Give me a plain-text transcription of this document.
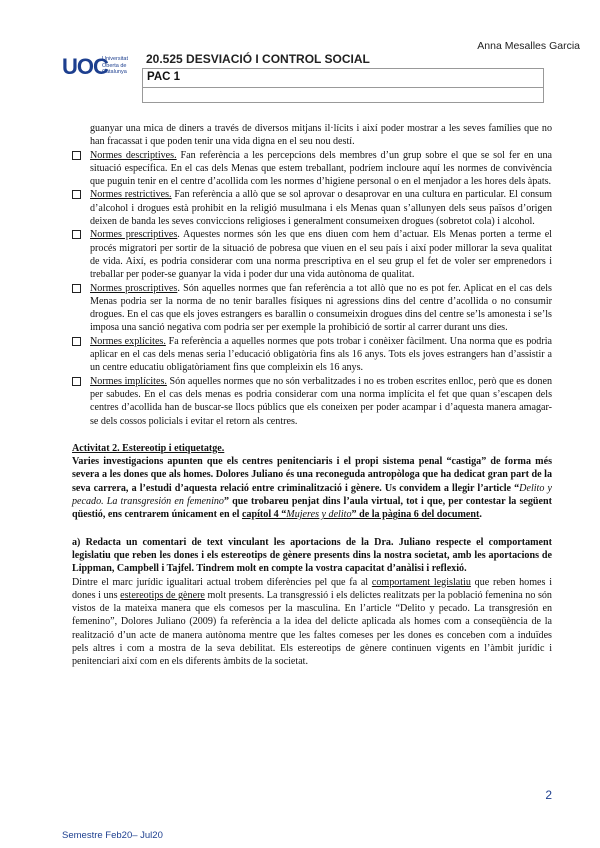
Anna Mesalles Garcia
UOC
Universitat Oberta de Catalunya
20.525 DESVIACIÓ I CONTROL SOCIAL
PAC 1

guanyar una mica de diners a través de diversos mitjans il·lícits i així poder mostrar a les seves famílies que no han fracassat i que poden tenir una vida digna en el seu nou destí.

Normes descriptives. Fan referència a les percepcions dels membres d’un grup sobre el que se sol fer en una situació específica. En el cas dels Menas que estem treballant, podríem incloure aquí les normes de convivència que puguin tenir en el centre d’acollida com les normes d’higiene personal o en el menjador a les hores dels àpats.
Normes restrictives. Fan referència a allò que se sol aprovar o desaprovar en una cultura en particular. El consum d’alcohol i drogues està prohibit en la religió musulmana i els Menas quan s’allunyen dels seus països d’origen deixen de banda les seves conviccions religioses i generalment consumeixen drogues (sobretot cola) i alcohol.
Normes prescriptives. Aquestes normes són les que ens diuen com hem d’actuar. Els Menas porten a terme el procés migratori per sortir de la situació de pobresa que viuen en el seu país i així poder millorar la seva qualitat de vida. Així, es podria considerar com una norma prescriptiva en el seu grup el fet de voler ser emprenedors i treballar per poder-se guanyar la vida i poder dur una vida autònoma de qualitat.
Normes proscriptives. Són aquelles normes que fan referència a tot allò que no es pot fer. Aplicat en el cas dels Menas podria ser la norma de no tenir baralles físiques ni agressions dins del centre d’acollida o no consumir drogues. En el cas que els joves estrangers es barallin o consumeixin drogues dins del centre se’ls amonesta i se’ls imposa una sanció negativa com podria ser per exemple la prohibició de sortir al carrer durant uns dies.
Normes explícites. Fa referència a aquelles normes que pots trobar i conèixer fàcilment. Una norma que es podria aplicar en el cas dels menas seria l’educació obligatòria fins als 16 anys. Tots els joves estrangers han d’assistir a un centre educatiu obligatòriament fins que compleixin els 16 anys.
Normes implícites. Són aquelles normes que no són verbalitzades i no es troben escrites enlloc, però que es donen per sabudes. En el cas dels menas es podria considerar com una norma implícita el fet que quan s’escapen dels centres d’acollida han de buscar-se llocs públics que els coneixen per poder acampar i d’aquesta manera amagar-se dels cossos policials i evitar el retorn als centres.

Activitat 2. Estereotip i etiquetatge.

Varies investigacions apunten que els centres penitenciaris i el propi sistema penal “castiga” de forma més severa a les dones que als homes. Dolores Juliano és una reconeguda antropòloga que ha dedicat gran part de la seva carrera, a l’estudi d’aquesta relació entre criminalització i gènere. Us convidem a llegir l’article “Delito y pecado. La transgresión en femenino” que trobareu penjat dins l’aula virtual, tot i que, per contestar la següent qüestió, ens centrarem únicament en el capítol 4 “Mujeres y delito” de la pàgina 6 del document.

a) Redacta un comentari de text vinculant les aportacions de la Dra. Juliano respecte el comportament legislatiu que reben les dones i els estereotips de gènere presents dins la nostra societat, amb les aportacions de Lippman, Campbell i Tajfel. Tindrem molt en compte la vostra capacitat d’anàlisi i reflexió.

Dintre el marc jurídic igualitari actual trobem diferències pel que fa al comportament legislatiu que reben homes i dones i uns estereotips de gènere molt presents. La transgressió i els delictes realitzats per la població femenina no són vistos de la mateixa manera que els comesos per la masculina. En l’article “Delito y pecado. La transgresión en femenino”, Dolores Juliano (2009) fa referència a la idea del delicte aplicada als homes com a conseqüència de la realització d’un acte de manera autònoma mentre que les faltes comeses per les dones es conceben com a induïdes pels altres i com a mostra de la seva debilitat. Els estereotips de gènere continuen vigents en l’àmbit jurídic i penitenciari així com en els diferents àmbits de la societat.

2
Semestre Feb20– Jul20
